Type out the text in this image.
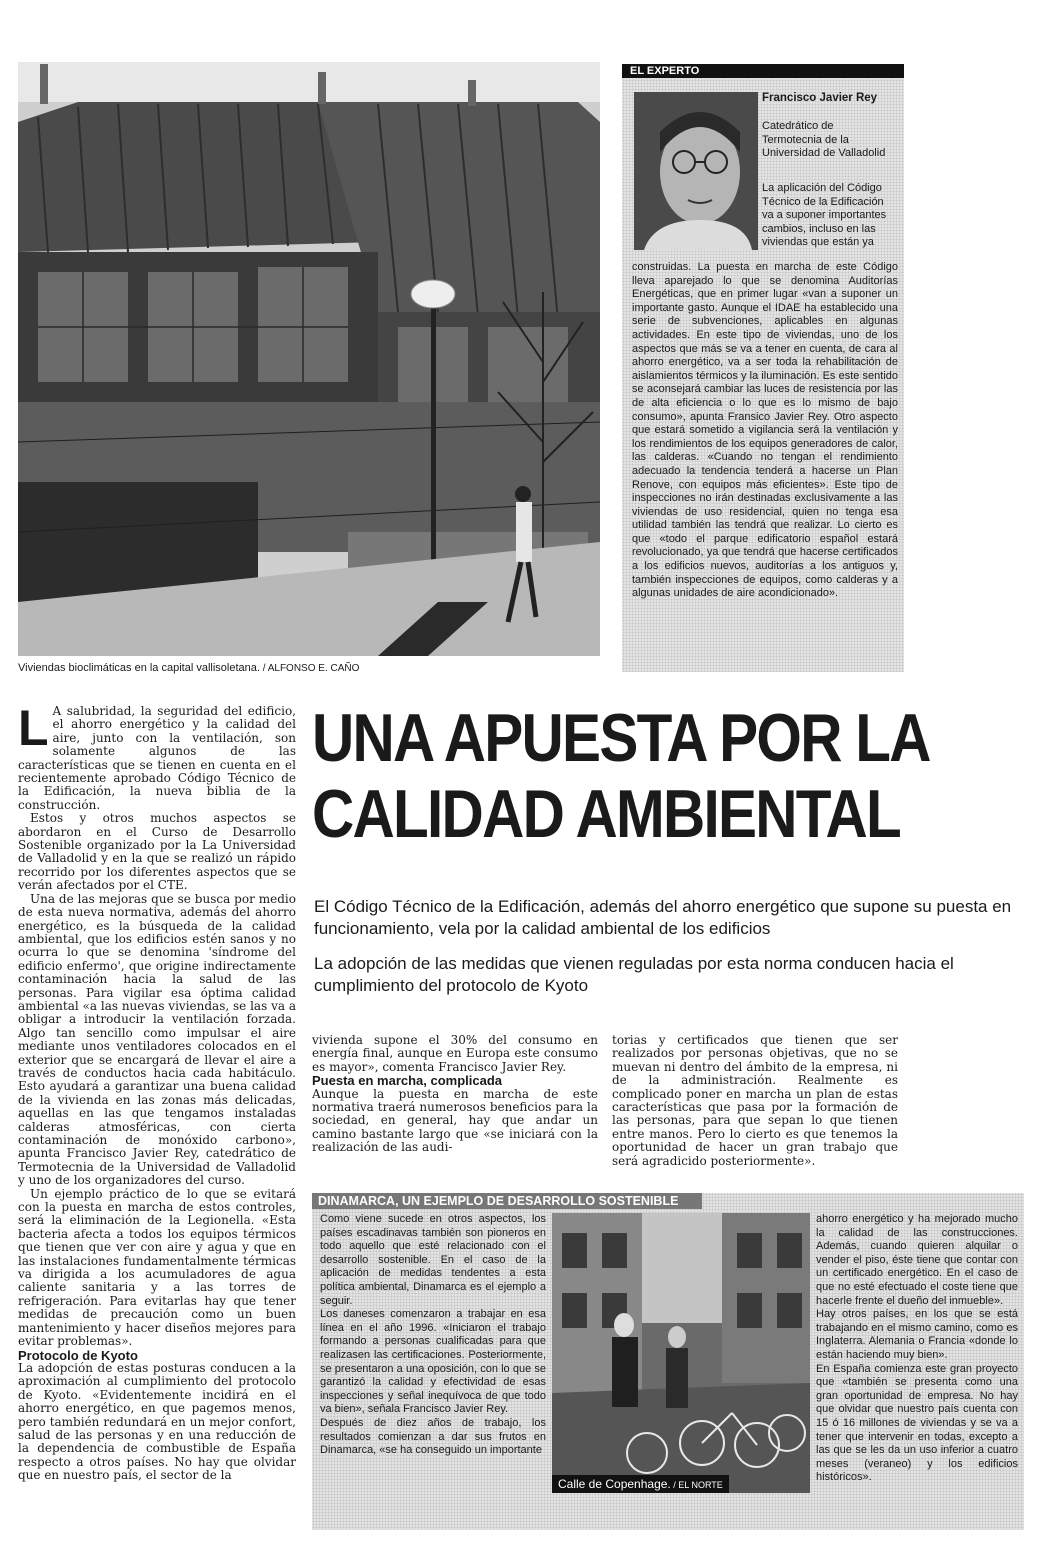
Viviendas bioclimáticas en la capital vallisoletana. / ALFONSO E. CAÑO
EL EXPERTO
Francisco Javier Rey
Catedrático de Termotecnia de la Universidad de Valladolid
La aplicación del Código Técnico de la Edificación va a suponer importantes cambios, incluso en las viviendas que están ya
construidas. La puesta en marcha de este Código lleva aparejado lo que se denomina Auditorías Energéticas, que en primer lugar «van a suponer un importante gasto. Aunque el IDAE ha establecido una serie de subvenciones, aplicables en algunas actividades. En este tipo de viviendas, uno de los aspectos que más se va a tener en cuenta, de cara al ahorro energético, va a ser toda la rehabilitación de aislamientos térmicos y la iluminación. Es este sentido se aconsejará cambiar las luces de resistencia por las de alta eficiencia o lo que es lo mismo de bajo consumo», apunta Fransico Javier Rey. Otro aspecto que estará sometido a vigilancia será la ventilación y los rendimientos de los equipos generadores de calor, las calderas. «Cuando no tengan el rendimiento adecuado la tendencia tenderá a hacerse un Plan Renove, con equipos más eficientes». Este tipo de inspecciones no irán destinadas exclusivamente a las viviendas de uso residencial, quien no tenga esa utilidad también las tendrá que realizar. Lo cierto es que «todo el parque edificatorio español estará revolucionado, ya que tendrá que hacerse certificados a los edificios nuevos, auditorías a los antiguos y, también inspecciones de equipos, como calderas y a algunas unidades de aire acondicionado».

L A salubridad, la seguridad del edificio, el ahorro energético y la calidad del aire, junto con la ventilación, son solamente algunos de las características que se tienen en cuenta en el recientemente aprobado Código Técnico de la Edificación, la nueva biblia de la construcción.

Estos y otros muchos aspectos se abordaron en el Curso de Desarrollo Sostenible organizado por la La Universidad de Valladolid y en la que se realizó un rápido recorrido por los diferentes aspectos que se verán afectados por el CTE.

Una de las mejoras que se busca por medio de esta nueva normativa, además del ahorro energético, es la búsqueda de la calidad ambiental, que los edificios estén sanos y no ocurra lo que se denomina 'síndrome del edificio enfermo', que origine indirectamente contaminación hacia la salud de las personas. Para vigilar esa óptima calidad ambiental «a las nuevas viviendas, se las va a obligar a introducir la ventilación forzada. Algo tan sencillo como impulsar el aire mediante unos ventiladores colocados en el exterior que se encargará de llevar el aire a través de conductos hacia cada habitáculo. Esto ayudará a garantizar una buena calidad de la vivienda en las zonas más delicadas, aquellas en las que tengamos instaladas calderas atmosféricas, con cierta contaminación de monóxido carbono», apunta Francisco Javier Rey, catedrático de Termotecnia de la Universidad de Valladolid y uno de los organizadores del curso.

Un ejemplo práctico de lo que se evitará con la puesta en marcha de estos controles, será la eliminación de la Legionella. «Esta bacteria afecta a todos los equipos térmicos que tienen que ver con aire y agua y que en las instalaciones fundamentalmente térmicas va dirigida a los acumuladores de agua caliente sanitaria y a las torres de refrigeración. Para evitarlas hay que tener medidas de precaución como un buen mantenimiento y hacer diseños mejores para evitar problemas».

Protocolo de Kyoto

La adopción de estas posturas conducen a la aproximación al cumplimiento del protocolo de Kyoto. «Evidentemente incidirá en el ahorro energético, en que pagemos menos, pero también redundará en un mejor confort, salud de las personas y en una reducción de la dependencia de combustible de España respecto a otros países. No hay que olvidar que en nuestro país, el sector de la

UNA APUESTA POR LA
CALIDAD AMBIENTAL
El Código Técnico de la Edificación, además del ahorro energético que supone su puesta en funcionamiento, vela por la calidad ambiental de los edificios
La adopción de las medidas que vienen reguladas por esta norma conducen hacia el cumplimiento del protocolo de Kyoto

vivienda supone el 30% del consumo en energía final, aunque en Europa este consumo es mayor», comenta Francisco Javier Rey.

Puesta en marcha, complicada

Aunque la puesta en marcha de este normativa traerá numerosos beneficios para la sociedad, en general, hay que andar un camino bastante largo que «se iniciará con la realización de las audi-

torias y certificados que tienen que ser realizados por personas objetivas, que no se muevan ni dentro del ámbito de la empresa, ni de la administración. Realmente es complicado poner en marcha un plan de estas características que pasa por la formación de las personas, para que sepan lo que tienen entre manos. Pero lo cierto es que tenemos la oportunidad de hacer un gran trabajo que será agradicido posteriormente».

DINAMARCA, UN EJEMPLO DE DESARROLLO SOSTENIBLE

Como viene sucede en otros aspectos, los países escadinavas también son pioneros en todo aquello que esté relacionado con el desarrollo sostenible. En el caso de la aplicación de medidas tendentes a esta política ambiental, Dinamarca es el ejemplo a seguir.

Los daneses comenzaron a trabajar en esa línea en el año 1996. «Iniciaron el trabajo formando a personas cualificadas para que realizasen las certificaciones. Posteriormente, se presentaron a una oposición, con lo que se garantizó la calidad y efectividad de esas inspecciones y señal inequívoca de que todo va bien», señala Francisco Javier Rey.

Después de diez años de trabajo, los resultados comienzan a dar sus frutos en Dinamarca, «se ha conseguido un importante

Calle de Copenhage. / EL NORTE

ahorro energético y ha mejorado mucho la calidad de las construcciones. Además, cuando quieren alquilar o vender el piso, éste tiene que contar con un certificado energético. En el caso de que no esté efectuado el coste tiene que hacerle frente el dueño del inmueble».

Hay otros países, en los que se está trabajando en el mismo camino, como es Inglaterra. Alemania o Francia «donde lo están haciendo muy bien».

En España comienza este gran proyecto que «también se presenta como una gran oportunidad de empresa. No hay que olvidar que nuestro país cuenta con 15 ó 16 millones de viviendas y se va a tener que intervenir en todas, excepto a las que se les da un uso inferior a cuatro meses (veraneo) y los edificios históricos».
